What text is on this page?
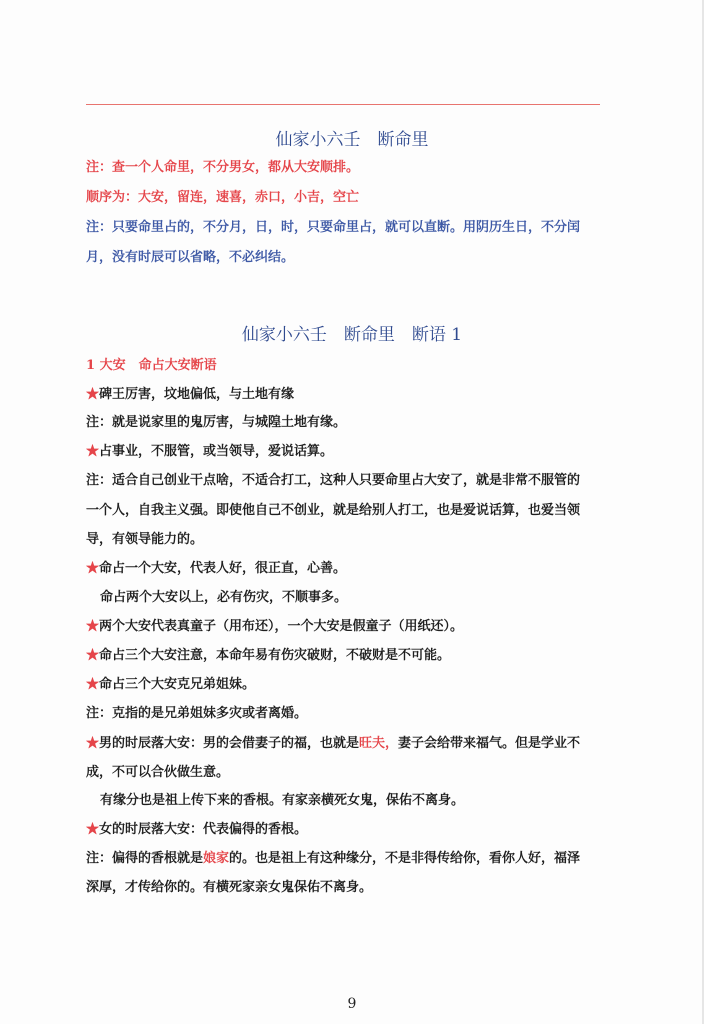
仙家小六壬　断命里
注：查一个人命里，不分男女，都从大安顺排。
顺序为：大安，留连，速喜，赤口，小吉，空亡
注：只要命里占的，不分月，日，时，只要命里占，就可以直断。用阴历生日，不分闰
月，没有时辰可以省略，不必纠结。
仙家小六壬　断命里　断语 1
1 大安　命占大安断语
★碑王厉害，坟地偏低，与土地有缘
注：就是说家里的鬼厉害，与城隍土地有缘。
★占事业，不服管，或当领导，爱说话算。
注：适合自己创业干点啥，不适合打工，这种人只要命里占大安了，就是非常不服管的
一个人，自我主义强。即使他自己不创业，就是给别人打工，也是爱说话算，也爱当领
导，有领导能力的。
★命占一个大安，代表人好，很正直，心善。
命占两个大安以上，必有伤灾，不顺事多。
★两个大安代表真童子（用布还），一个大安是假童子（用纸还）。
★命占三个大安注意，本命年易有伤灾破财，不破财是不可能。
★命占三个大安克兄弟姐妹。
注：克指的是兄弟姐妹多灾或者离婚。
★男的时辰落大安：男的会借妻子的福，也就是旺夫，妻子会给带来福气。但是学业不
成，不可以合伙做生意。
有缘分也是祖上传下来的香根。有家亲横死女鬼，保佑不离身。
★女的时辰落大安：代表偏得的香根。
注：偏得的香根就是娘家的。也是祖上有这种缘分，不是非得传给你，看你人好，福泽
深厚，才传给你的。有横死家亲女鬼保佑不离身。
9
